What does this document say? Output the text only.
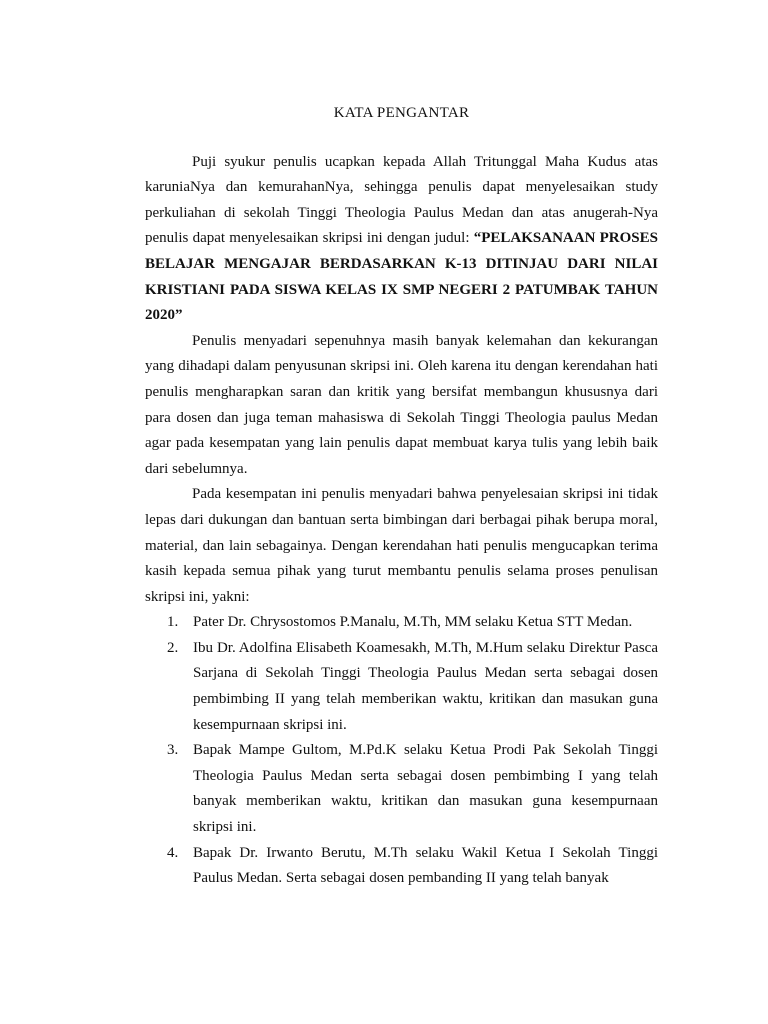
KATA PENGANTAR

Puji syukur penulis ucapkan kepada Allah Tritunggal Maha Kudus atas karuniaNya dan kemurahanNya, sehingga penulis dapat menyelesaikan study perkuliahan di sekolah Tinggi Theologia Paulus Medan dan atas anugerah-Nya penulis dapat menyelesaikan skripsi ini dengan judul: “PELAKSANAAN PROSES BELAJAR MENGAJAR BERDASARKAN K-13 DITINJAU DARI NILAI KRISTIANI PADA SISWA KELAS IX SMP NEGERI 2 PATUMBAK TAHUN 2020”

Penulis menyadari sepenuhnya masih banyak kelemahan dan kekurangan yang dihadapi dalam penyusunan skripsi ini. Oleh karena itu dengan kerendahan hati penulis mengharapkan saran dan kritik yang bersifat membangun khususnya dari para dosen dan juga teman mahasiswa di Sekolah Tinggi Theologia paulus Medan agar pada kesempatan yang lain penulis dapat membuat karya tulis yang lebih baik dari sebelumnya.

Pada kesempatan ini penulis menyadari bahwa penyelesaian skripsi ini tidak lepas dari dukungan dan bantuan serta bimbingan dari berbagai pihak berupa moral, material, dan lain sebagainya. Dengan kerendahan hati penulis mengucapkan terima kasih kepada semua pihak yang turut membantu penulis selama proses penulisan skripsi ini, yakni:

1. Pater Dr. Chrysostomos P.Manalu, M.Th, MM selaku Ketua STT Medan.
2. Ibu Dr. Adolfina Elisabeth Koamesakh, M.Th, M.Hum selaku Direktur Pasca Sarjana di Sekolah Tinggi Theologia Paulus Medan serta sebagai dosen pembimbing II yang telah memberikan waktu, kritikan dan masukan guna kesempurnaan skripsi ini.
3. Bapak Mampe Gultom, M.Pd.K selaku Ketua Prodi Pak Sekolah Tinggi Theologia Paulus Medan serta sebagai dosen pembimbing I yang telah banyak memberikan waktu, kritikan dan masukan guna kesempurnaan skripsi ini.
4. Bapak Dr. Irwanto Berutu, M.Th selaku Wakil Ketua I Sekolah Tinggi Paulus Medan. Serta sebagai dosen pembanding II yang telah banyak
